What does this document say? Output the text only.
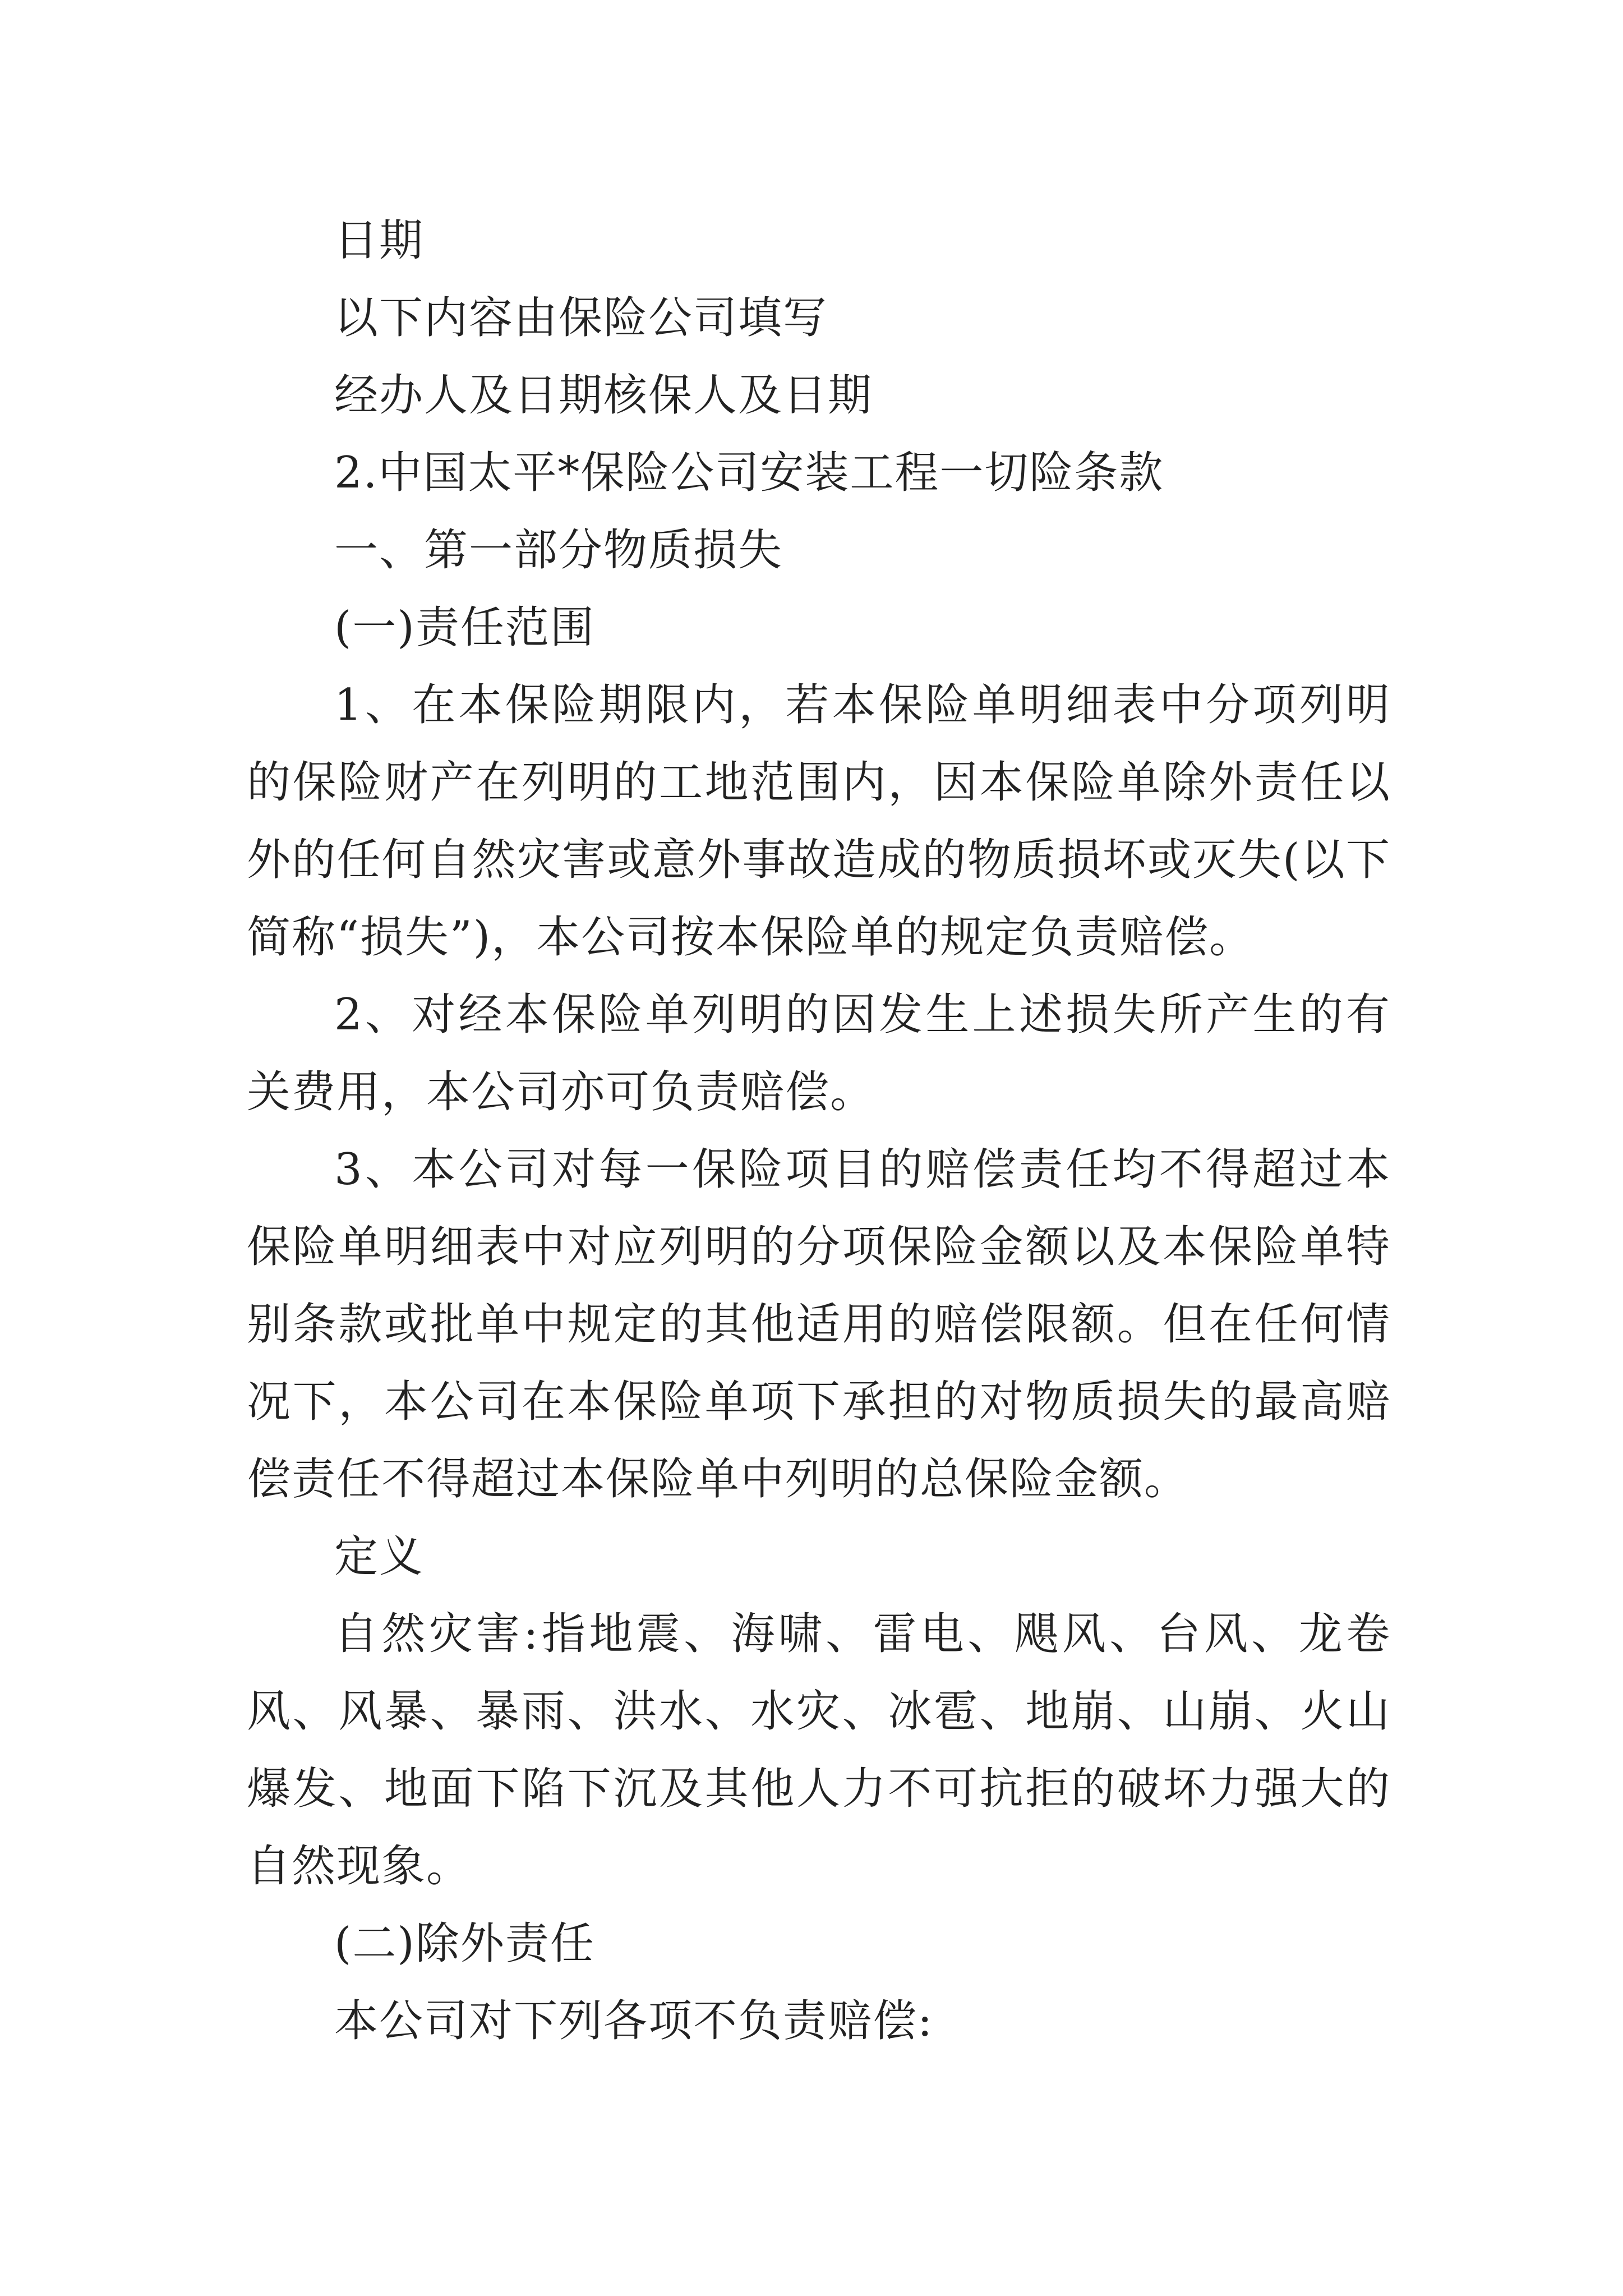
日期

以下内容由保险公司填写

经办人及日期核保人及日期

2.中国太平*保险公司安装工程一切险条款

一、第一部分物质损失

(一)责任范围

1、在本保险期限内，若本保险单明细表中分项列明的保险财产在列明的工地范围内，因本保险单除外责任以外的任何自然灾害或意外事故造成的物质损坏或灭失(以下简称“损失”)，本公司按本保险单的规定负责赔偿。

2、对经本保险单列明的因发生上述损失所产生的有关费用，本公司亦可负责赔偿。

3、本公司对每一保险项目的赔偿责任均不得超过本保险单明细表中对应列明的分项保险金额以及本保险单特别条款或批单中规定的其他适用的赔偿限额。但在任何情况下，本公司在本保险单项下承担的对物质损失的最高赔偿责任不得超过本保险单中列明的总保险金额。

定义

自然灾害:指地震、海啸、雷电、飓风、台风、龙卷风、风暴、暴雨、洪水、水灾、冰雹、地崩、山崩、火山爆发、地面下陷下沉及其他人力不可抗拒的破坏力强大的自然现象。

(二)除外责任

本公司对下列各项不负责赔偿:
